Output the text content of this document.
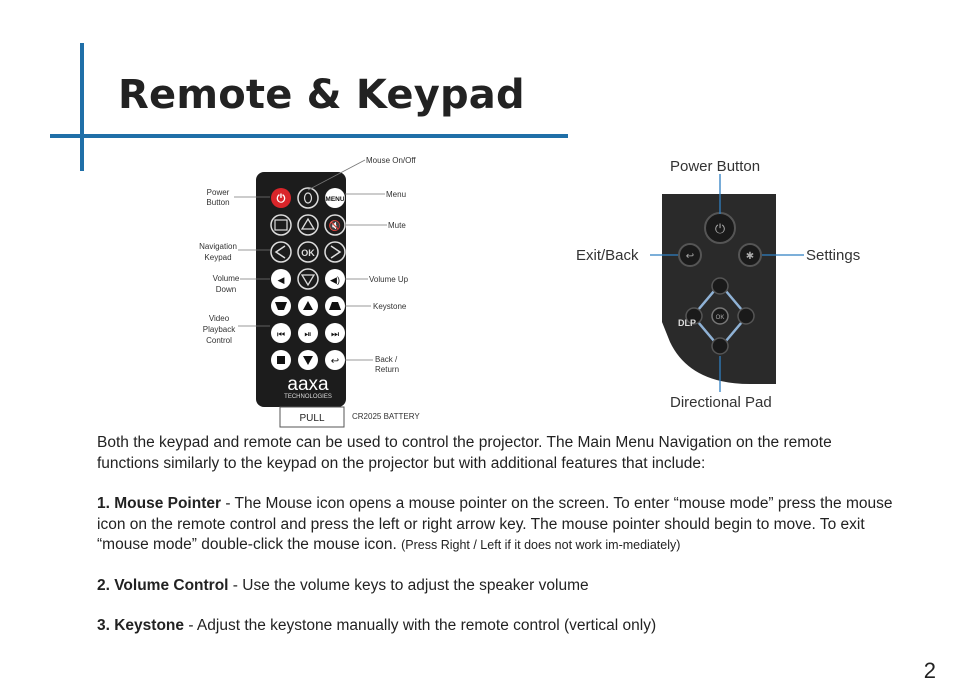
Remote & Keypad
⏻	MENU
🔇
OK
◀	◀)
⏮ ⏯ ⏭
↩
aaxa
TECHNOLOGIES
PULL	CR2025 BATTERY
Mouse On/Off
Power
Button
Menu
Mute
Navigation
Keypad
Volume
Down
Volume Up
Keystone
Video
Playback
Control
Back /
Return
⏻
↩	✱
OK
DLP
Power Button
Exit/Back	Settings
Directional Pad

Both the keypad and remote can be used to control the projector. The Main Menu Navigation on the remote functions similarly to the keypad on the projector but with additional features that include:

1. Mouse Pointer - The Mouse icon opens a mouse pointer on the screen. To enter “mouse mode” press the mouse icon on the remote control and press the left or right arrow key. The mouse pointer should begin to move. To exit “mouse mode” double-click the mouse icon. (Press Right / Left if it does not work im-mediately)

2. Volume Control - Use the volume keys to adjust the speaker volume

3. Keystone - Adjust the keystone manually with the remote control (vertical only)

2
